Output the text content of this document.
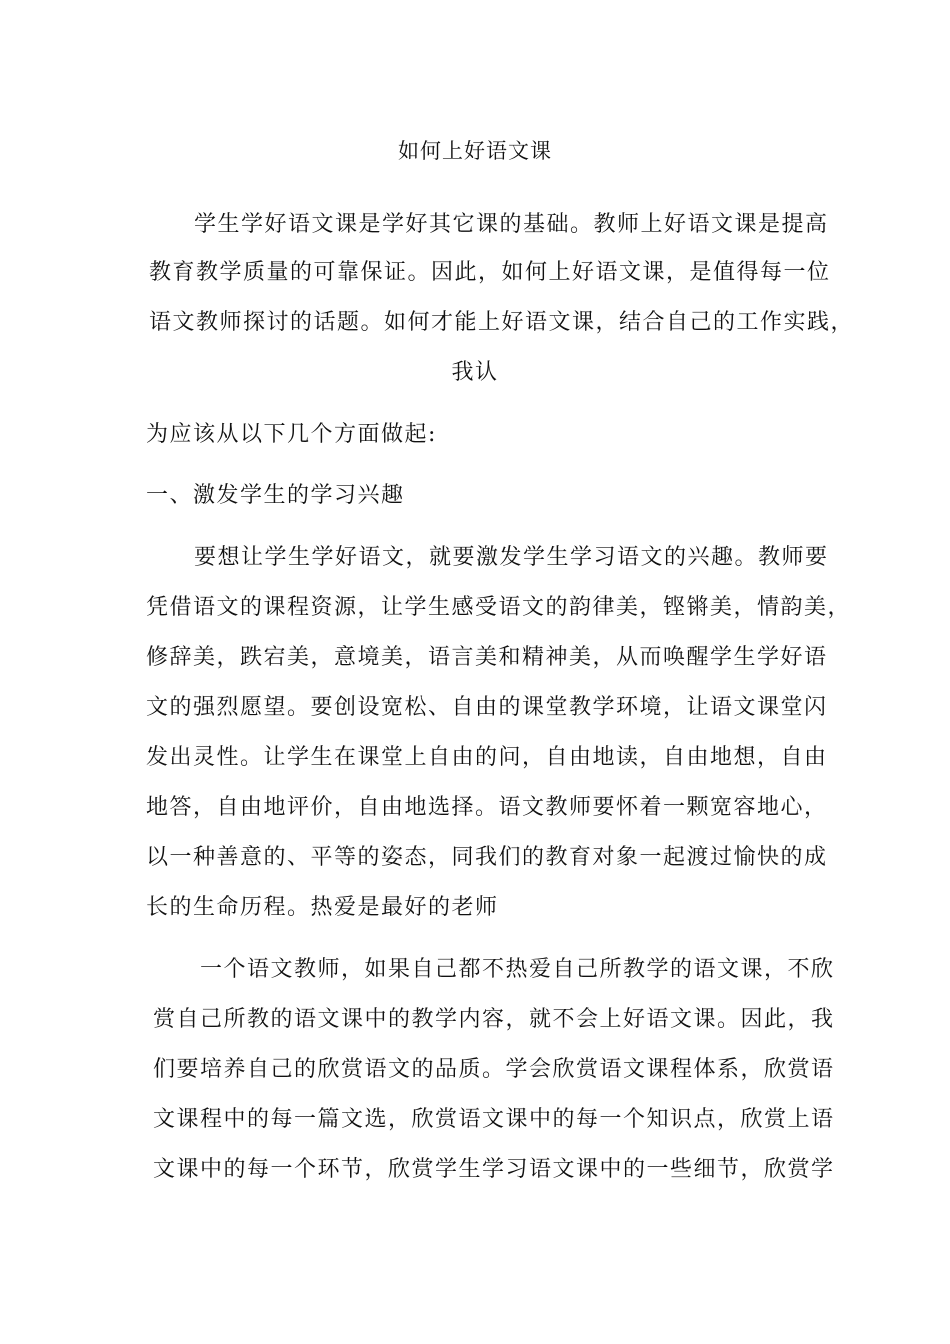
如何上好语文课
学生学好语文课是学好其它课的基础。教师上好语文课是提高
教育教学质量的可靠保证。因此，如何上好语文课，是值得每一位
语文教师探讨的话题。如何才能上好语文课，结合自己的工作实践，
我认
为应该从以下几个方面做起:
一、激发学生的学习兴趣
要想让学生学好语文，就要激发学生学习语文的兴趣。教师要
凭借语文的课程资源，让学生感受语文的韵律美，铿锵美，情韵美，
修辞美，跌宕美，意境美，语言美和精神美，从而唤醒学生学好语
文的强烈愿望。要创设宽松、自由的课堂教学环境，让语文课堂闪
发出灵性。让学生在课堂上自由的问，自由地读，自由地想，自由
地答，自由地评价，自由地选择。语文教师要怀着一颗宽容地心，
以一种善意的、平等的姿态，同我们的教育对象一起渡过愉快的成
长的生命历程。热爱是最好的老师
一个语文教师，如果自己都不热爱自己所教学的语文课，不欣
赏自己所教的语文课中的教学内容，就不会上好语文课。因此，我
们要培养自己的欣赏语文的品质。学会欣赏语文课程体系，欣赏语
文课程中的每一篇文选，欣赏语文课中的每一个知识点，欣赏上语
文课中的每一个环节，欣赏学生学习语文课中的一些细节，欣赏学
